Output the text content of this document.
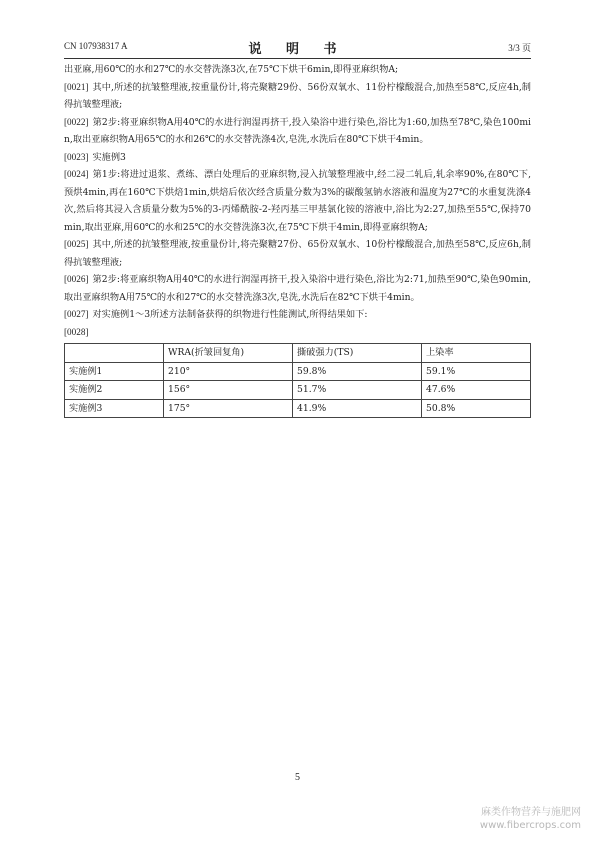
CN 107938317 A	说 明 书	3/3 页

出亚麻,用60℃的水和27℃的水交替洗涤3次,在75℃下烘干6min,即得亚麻织物A;

[0021] 其中,所述的抗皱整理液,按重量份计,将壳聚糖29份、56份双氧水、11份柠檬酸混合,加热至58℃,反应4h,制得抗皱整理液;

[0022] 第2步:将亚麻织物A用40℃的水进行润湿再挤干,投入染浴中进行染色,浴比为1:60,加热至78℃,染色100min,取出亚麻织物A用65℃的水和26℃的水交替洗涤4次,皂洗,水洗后在80℃下烘干4min。

[0023] 实施例3

[0024] 第1步:将进过退浆、煮练、漂白处理后的亚麻织物,浸入抗皱整理液中,经二浸二轧后,轧余率90%,在80℃下,预烘4min,再在160℃下烘焙1min,烘焙后依次经含质量分数为3%的碳酸氢钠水溶液和温度为27℃的水重复洗涤4次,然后将其浸入含质量分数为5%的3-丙烯酰胺-2-羟丙基三甲基氯化铵的溶液中,浴比为2:27,加热至55℃,保持70min,取出亚麻,用60℃的水和25℃的水交替洗涤3次,在75℃下烘干4min,即得亚麻织物A;

[0025] 其中,所述的抗皱整理液,按重量份计,将壳聚糖27份、65份双氧水、10份柠檬酸混合,加热至58℃,反应6h,制得抗皱整理液;

[0026] 第2步:将亚麻织物A用40℃的水进行润湿再挤干,投入染浴中进行染色,浴比为2:71,加热至90℃,染色90min,取出亚麻织物A用75℃的水和27℃的水交替洗涤3次,皂洗,水洗后在82℃下烘干4min。

[0027] 对实施例1～3所述方法制备获得的织物进行性能测试,所得结果如下:

[0028]

	WRA(折皱回复角)	撕破强力(TS)	上染率
实施例1	210°	59.8%	59.1%
实施例2	156°	51.7%	47.6%
实施例3	175°	41.9%	50.8%
5
麻类作物营养与施肥网
www.fibercrops.com
